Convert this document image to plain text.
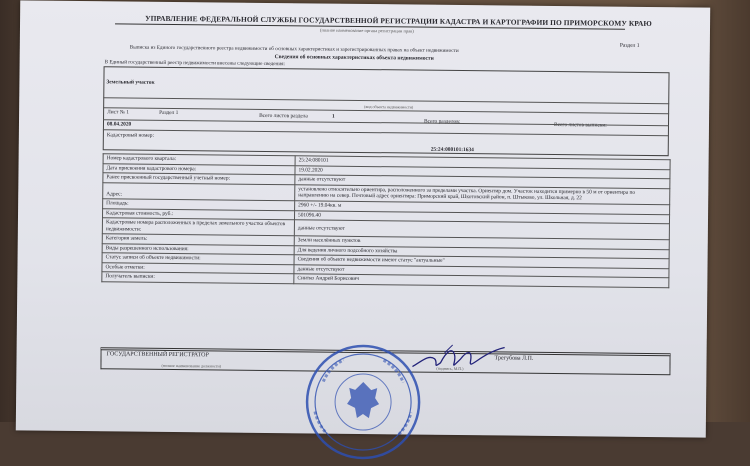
УПРАВЛЕНИЕ ФЕДЕРАЛЬНОЙ СЛУЖБЫ ГОСУДАРСТВЕННОЙ РЕГИСТРАЦИИ КАДАСТРА И КАРТОГРАФИИ ПО ПРИМОРСКОМУ КРАЮ
(полное наименование органа регистрации прав)
Раздел 1
Выписка из Единого государственного реестра недвижимости об основных характеристиках и зарегистрированных правах на объект недвижимости
Сведения об основных характеристиках объекта недвижимости
В Единый государственный реестр недвижимости внесены следующие сведения:
Земельный участок
(вид объекта недвижимости)
Лист № 1	Раздел 1	Всего листов раздела	1
Всего разделов:
Всего листов выписки:
08.04.2020
Кадастровый номер:
25:24:080101:1634
Номер кадастрового квартала:	25:24:080101
Дата присвоения кадастрового номера:	19.02.2020
Ранее присвоенный государственный учетный номер:	данные отсутствуют
Адрес:	установлено относительно ориентира, расположенного за пределами участка. Ориентир дом. Участок находится примерно в 50 м от ориентира по направлению на север. Почтовый адрес ориентира: Приморский край, Шкотовский район, п. Штыково, ул. Школьная, д. 22
Площадь:	2960 +/- 19.04кв. м
Кадастровая стоимость, руб.:	501096.40
Кадастровые номера расположенных в пределах земельного участка объектов недвижимости:	данные отсутствуют
Категория земель:	Земли населённых пунктов
Виды разрешенного использования:	Для ведения личного подсобного хозяйства
Статус записи об объекте недвижимости:	Сведения об объекте недвижимости имеют статус "актуальные"
Особые отметки:	данные отсутствуют
Получатель выписки:	Синтко Андрей Борисович
ГОСУДАРСТВЕННЫЙ РЕГИСТРАТОР
(полное наименование должности)	(подпись, М.П.)
Трегубова Л.П.
